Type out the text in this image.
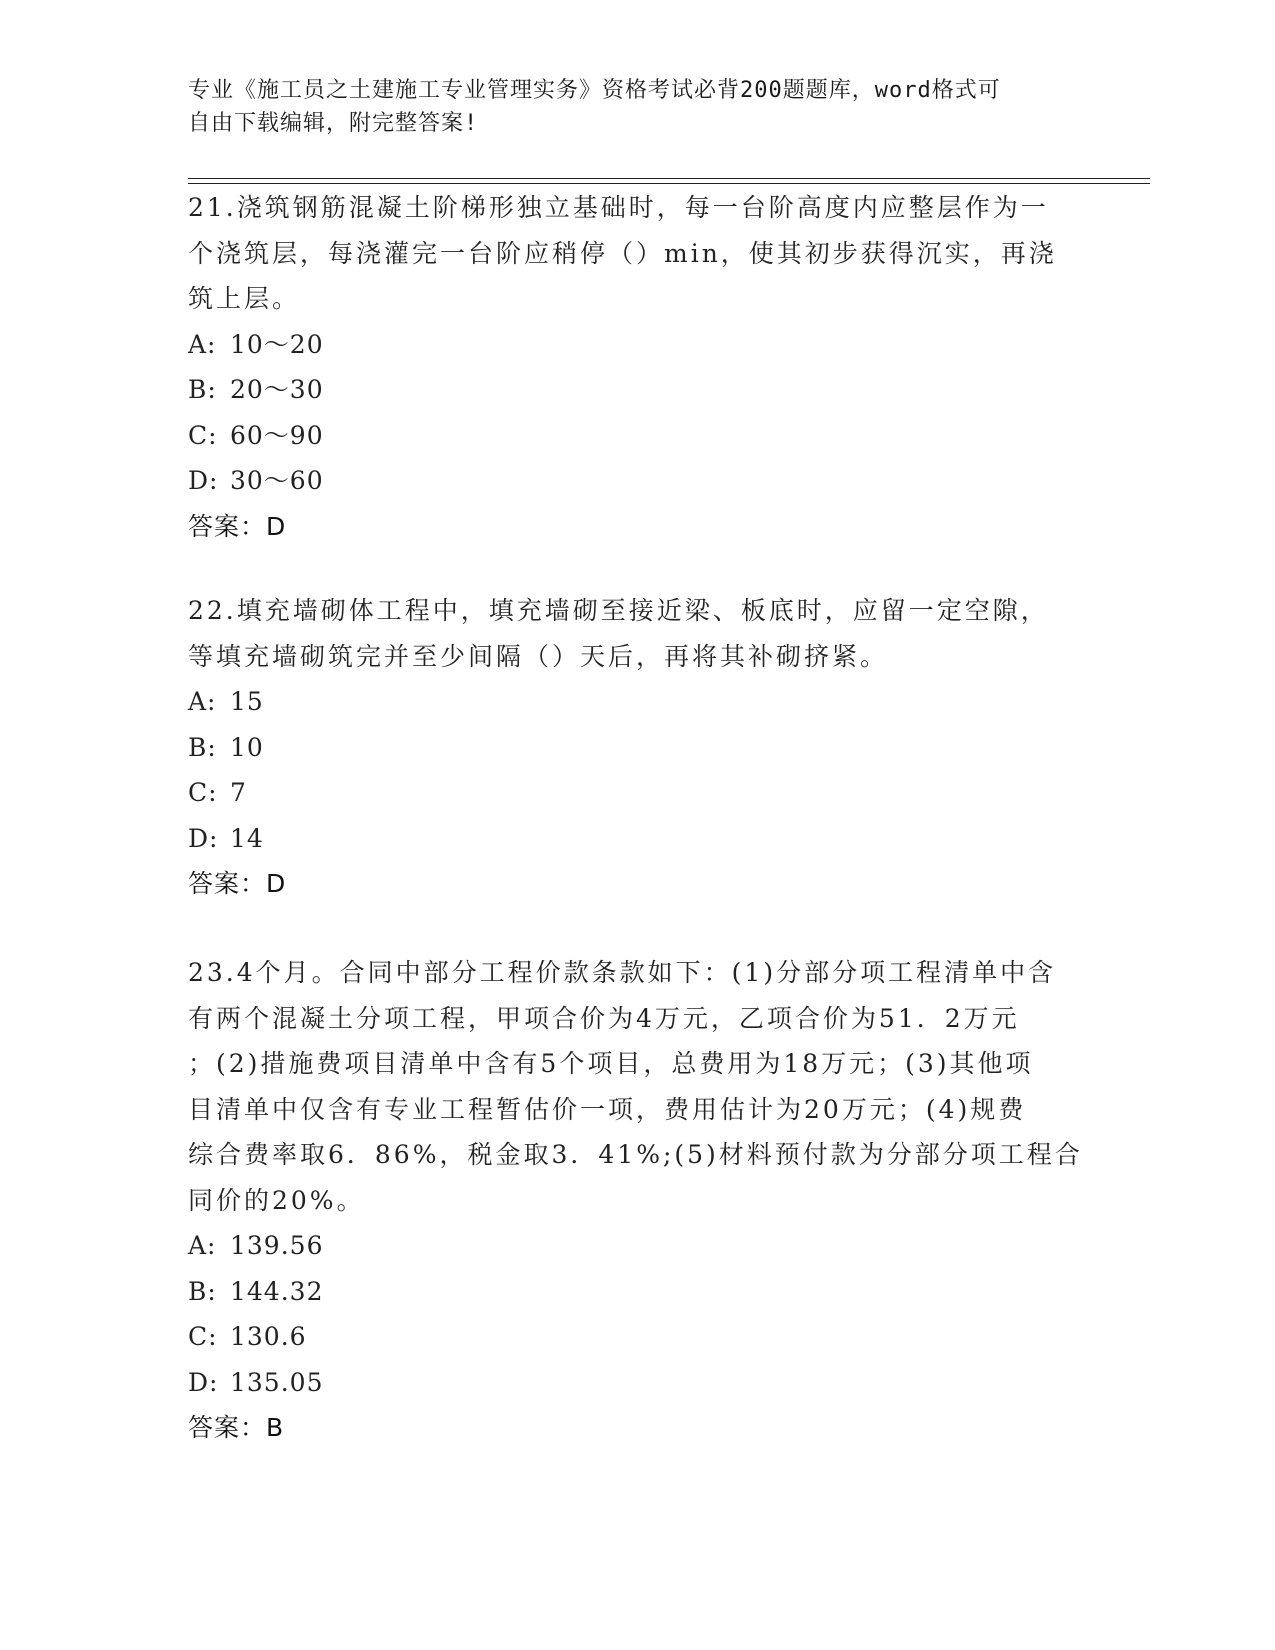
专业《施工员之土建施工专业管理实务》资格考试必背200题题库，word格式可
自由下载编辑，附完整答案!

21.浇筑钢筋混凝土阶梯形独立基础时，每一台阶高度内应整层作为一

个浇筑层，每浇灌完一台阶应稍停（）min，使其初步获得沉实，再浇

筑上层。

A: 10～20

B: 20～30

C: 60～90

D: 30～60

答案：D

22.填充墙砌体工程中，填充墙砌至接近梁、板底时，应留一定空隙，

等填充墙砌筑完并至少间隔（）天后，再将其补砌挤紧。

A: 15

B: 10

C: 7

D: 14

答案：D

23.4个月。合同中部分工程价款条款如下：(1)分部分项工程清单中含

有两个混凝土分项工程，甲项合价为4万元，乙项合价为51．2万元

；(2)措施费项目清单中含有5个项目，总费用为18万元；(3)其他项

目清单中仅含有专业工程暂估价一项，费用估计为20万元；(4)规费

综合费率取6．86%，税金取3．41%;(5)材料预付款为分部分项工程合

同价的20%。

A: 139.56

B: 144.32

C: 130.6

D: 135.05

答案：B
